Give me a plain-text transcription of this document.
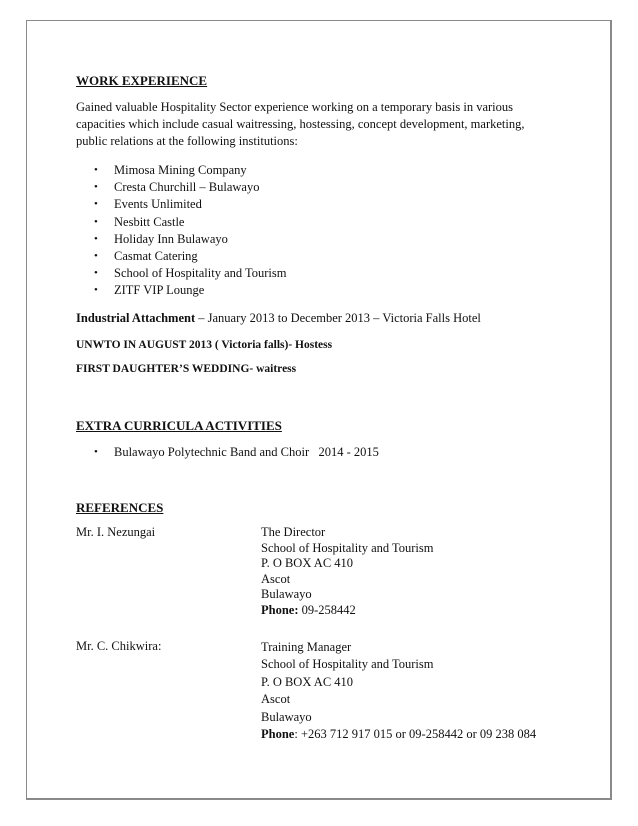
WORK EXPERIENCE
Gained valuable Hospitality Sector experience working on a temporary basis in various capacities which include casual waitressing, hostessing, concept development, marketing, public relations at the following institutions:
• Mimosa Mining Company
• Cresta Churchill – Bulawayo
• Events Unlimited
• Nesbitt Castle
• Holiday Inn Bulawayo
• Casmat Catering
• School of Hospitality and Tourism
• ZITF VIP Lounge
Industrial Attachment – January 2013 to December 2013 – Victoria Falls Hotel
UNWTO IN AUGUST 2013 ( Victoria falls)- Hostess
FIRST DAUGHTER’S WEDDING- waitress
EXTRA CURRICULA ACTIVITIES
• Bulawayo Polytechnic Band and Choir   2014 - 2015
REFERENCES
Mr. I. Nezungai	The Director
School of Hospitality and Tourism
P. O BOX AC 410
Ascot
Bulawayo
Phone: 09-258442
Mr. C. Chikwira:	Training Manager
School of Hospitality and Tourism
P. O BOX AC 410
Ascot
Bulawayo
Phone: +263 712 917 015 or 09-258442 or 09 238 084
